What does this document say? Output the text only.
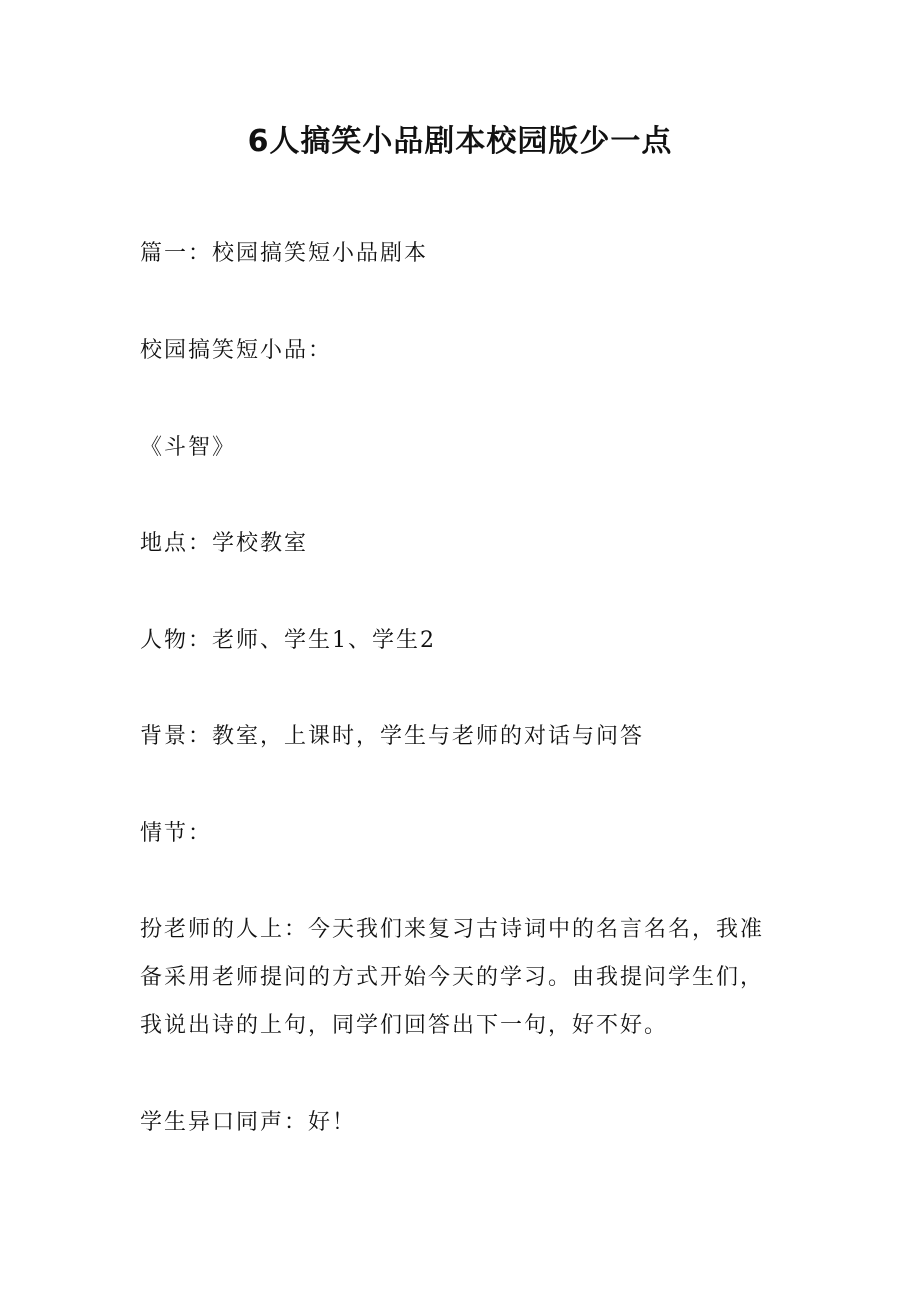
6人搞笑小品剧本校园版少一点
篇一：校园搞笑短小品剧本
校园搞笑短小品：
《斗智》
地点：学校教室
人物：老师、学生1、学生2
背景：教室，上课时，学生与老师的对话与问答
情节：
扮老师的人上：今天我们来复习古诗词中的名言名名，我准
备采用老师提问的方式开始今天的学习。由我提问学生们，
我说出诗的上句，同学们回答出下一句，好不好。
学生异口同声：好！
